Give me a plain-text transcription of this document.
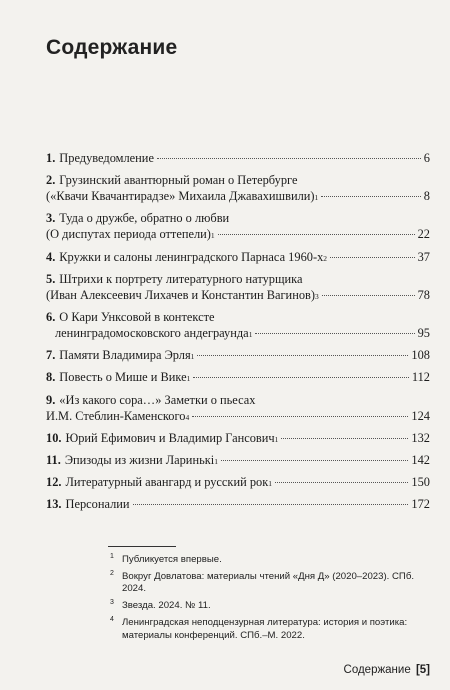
Содержание
1. Предуведомление	6
2. Грузинский авантюрный роман о Петербурге
(«Квачи Квачантирадзе» Михаила Джавахишвили) 1	8
3. Туда о дружбе, обратно о любви
(О диспутах периода оттепели) 1	22
4. Кружки и салоны ленинградского Парнаса 1960-х 2	37
5. Штрихи к портрету литературного натурщика
(Иван Алексеевич Лихачев и Константин Вагинов) 3	78
6. О Кари Унксовой в контексте
ленинградомосковского андеграунда 1	95
7. Памяти Владимира Эрля 1	108
8. Повесть о Мише и Вике 1	112
9. «Из какого сора…» Заметки о пьесах
И.М. Стеблин-Каменского 4	124
10. Юрий Ефимович и Владимир Гансович 1	132
11. Эпизоды из жизни Ларинькі 1	142
12. Литературный авангард и русский рок 1	150
13. Персоналии	172
1 Публикуется впервые.
2 Вокруг Довлатова: материалы чтений «Дня Д» (2020–2023). СПб. 2024.
3 Звезда. 2024. № 11.
4 Ленинградская неподцензурная литература: история и поэтика: материалы конференций. СПб.–М. 2022.
Содержание [5]
